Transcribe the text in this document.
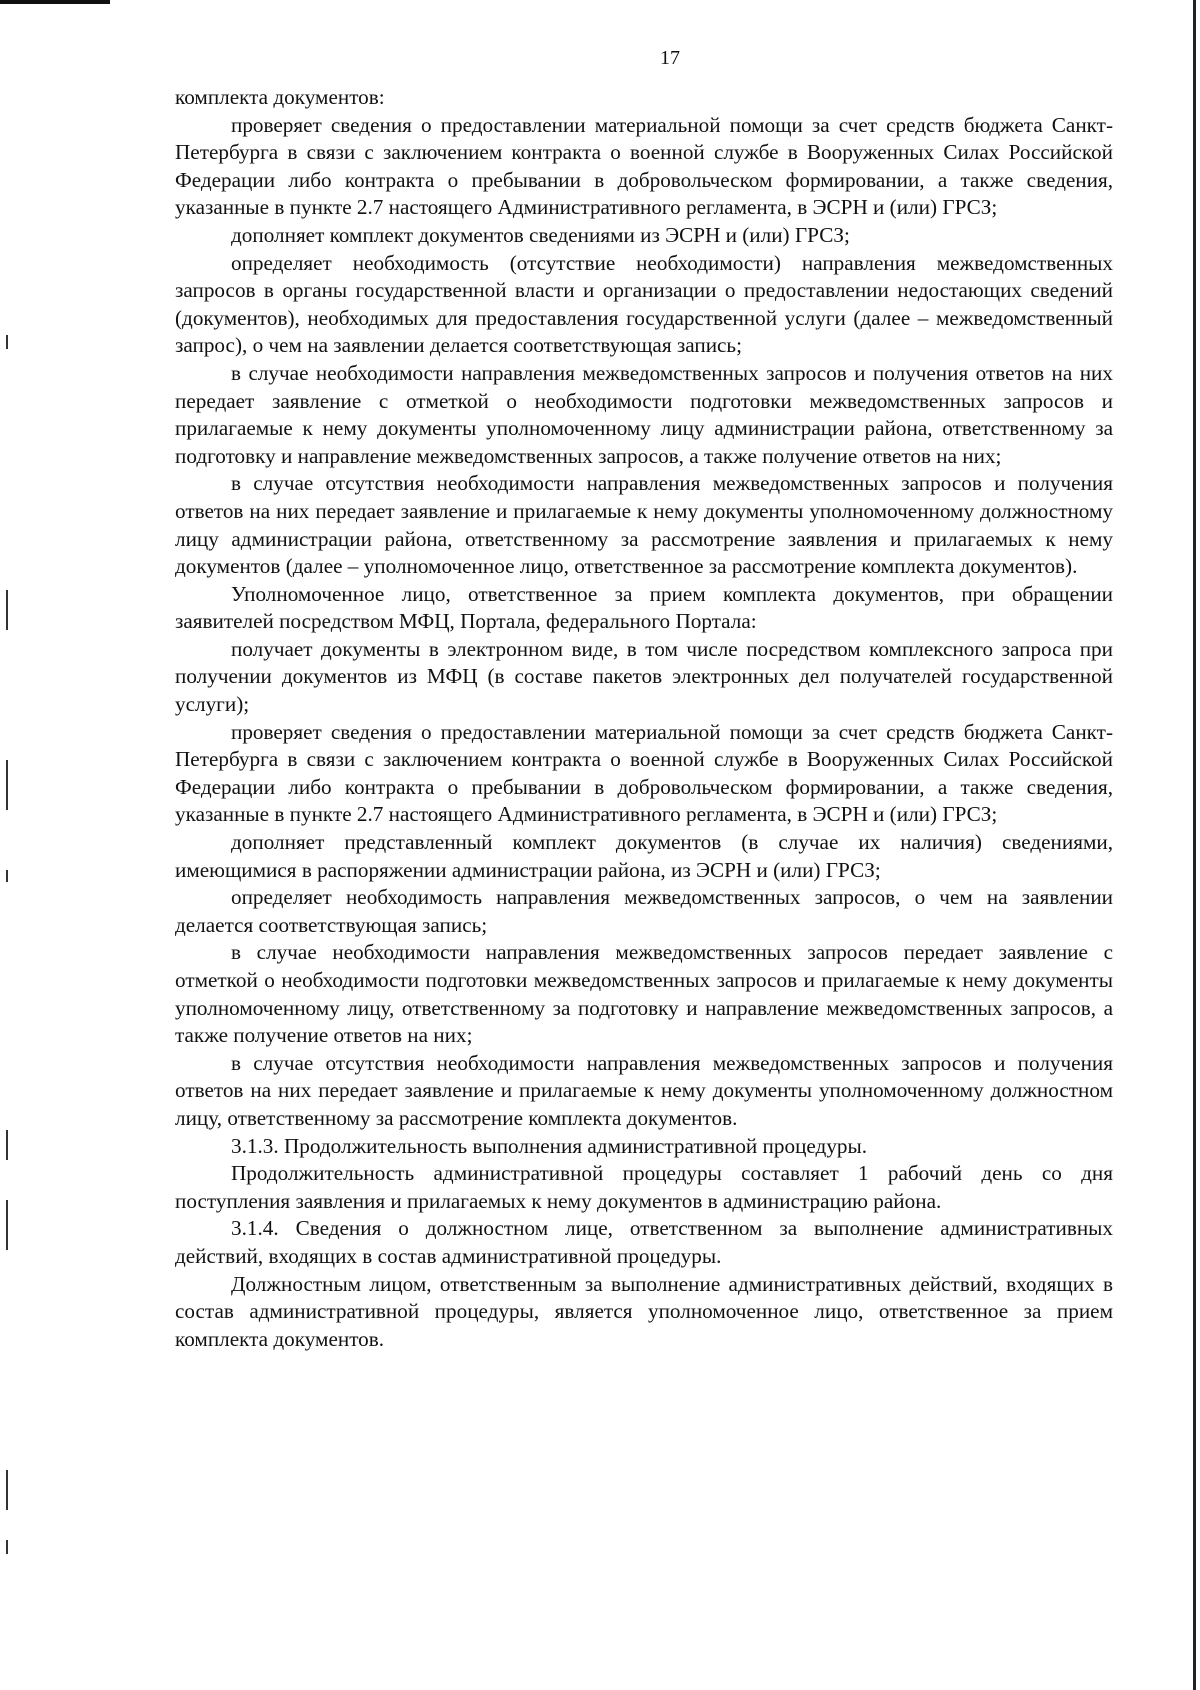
17

комплекта документов:

проверяет сведения о предоставлении материальной помощи за счет средств бюджета Санкт-Петербурга в связи с заключением контракта о военной службе в Вооруженных Силах Российской Федерации либо контракта о пребывании в добровольческом формировании, а также сведения, указанные в пункте 2.7 настоящего Административного регламента, в ЭСРН и (или) ГРСЗ;

дополняет комплект документов сведениями из ЭСРН и (или) ГРСЗ;

определяет необходимость (отсутствие необходимости) направления межведомственных запросов в органы государственной власти и организации о предоставлении недостающих сведений (документов), необходимых для предоставления государственной услуги (далее – межведомственный запрос), о чем на заявлении делается соответствующая запись;

в случае необходимости направления межведомственных запросов и получения ответов на них передает заявление с отметкой о необходимости подготовки межведомственных запросов и прилагаемые к нему документы уполномоченному лицу администрации района, ответственному за подготовку и направление межведомственных запросов, а также получение ответов на них;

в случае отсутствия необходимости направления межведомственных запросов и получения ответов на них передает заявление и прилагаемые к нему документы уполномоченному должностному лицу администрации района, ответственному за рассмотрение заявления и прилагаемых к нему документов (далее – уполномоченное лицо, ответственное за рассмотрение комплекта документов).

Уполномоченное лицо, ответственное за прием комплекта документов, при обращении заявителей посредством МФЦ, Портала, федерального Портала:

получает документы в электронном виде, в том числе посредством комплексного запроса при получении документов из МФЦ (в составе пакетов электронных дел получателей государственной услуги);

проверяет сведения о предоставлении материальной помощи за счет средств бюджета Санкт-Петербурга в связи с заключением контракта о военной службе в Вооруженных Силах Российской Федерации либо контракта о пребывании в добровольческом формировании, а также сведения, указанные в пункте 2.7 настоящего Административного регламента, в ЭСРН и (или) ГРСЗ;

дополняет представленный комплект документов (в случае их наличия) сведениями, имеющимися в распоряжении администрации района, из ЭСРН и (или) ГРСЗ;

определяет необходимость направления межведомственных запросов, о чем на заявлении делается соответствующая запись;

в случае необходимости направления межведомственных запросов передает заявление с отметкой о необходимости подготовки межведомственных запросов и прилагаемые к нему документы уполномоченному лицу, ответственному за подготовку и направление межведомственных запросов, а также получение ответов на них;

в случае отсутствия необходимости направления межведомственных запросов и получения ответов на них передает заявление и прилагаемые к нему документы уполномоченному должностном лицу, ответственному за рассмотрение комплекта документов.

3.1.3. Продолжительность выполнения административной процедуры.

Продолжительность административной процедуры составляет 1 рабочий день со дня поступления заявления и прилагаемых к нему документов в администрацию района.

3.1.4. Сведения о должностном лице, ответственном за выполнение административных действий, входящих в состав административной процедуры.

Должностным лицом, ответственным за выполнение административных действий, входящих в состав административной процедуры, является уполномоченное лицо, ответственное за прием комплекта документов.
